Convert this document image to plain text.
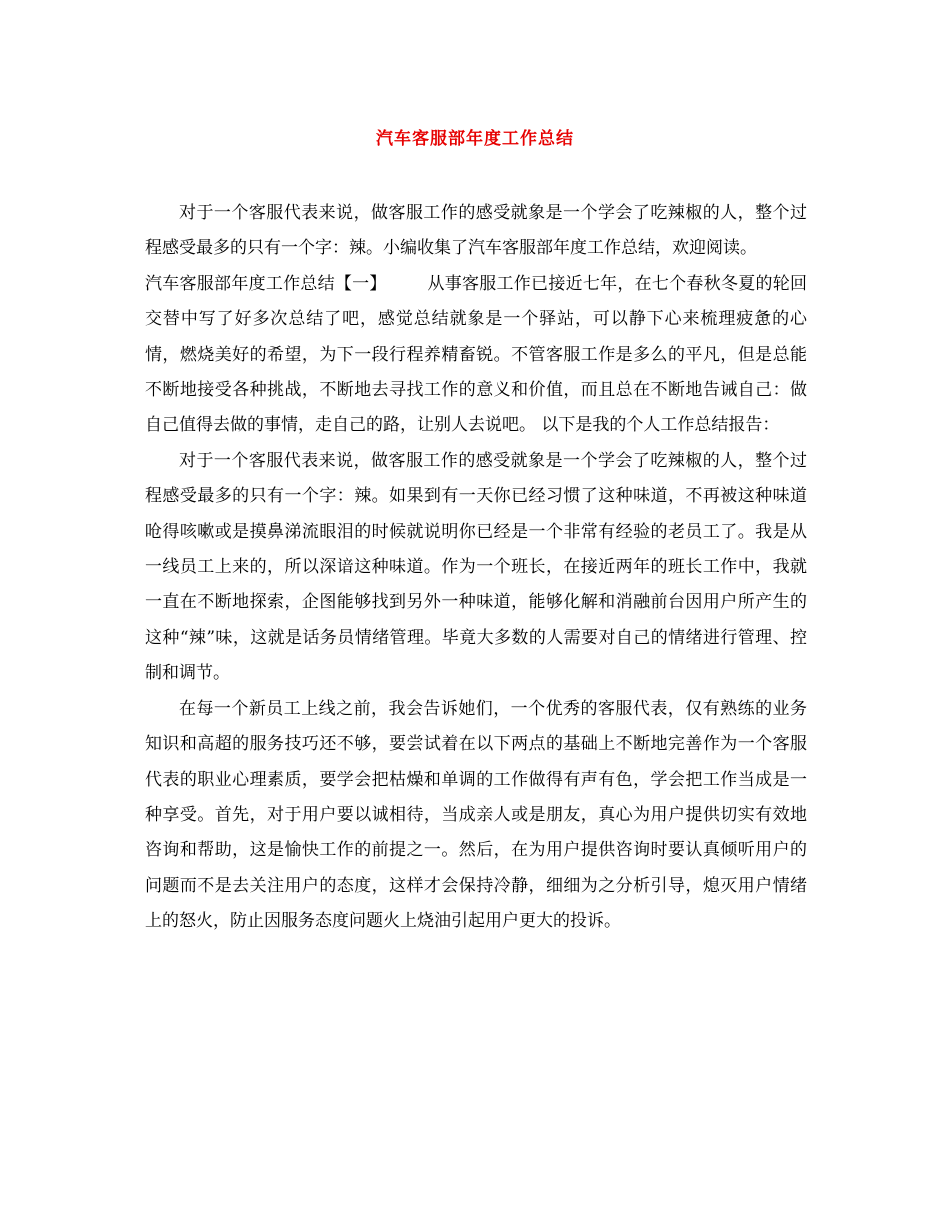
汽车客服部年度工作总结

对于一个客服代表来说，做客服工作的感受就象是一个学会了吃辣椒的人，整个过程感受最多的只有一个字：辣。小编收集了汽车客服部年度工作总结，欢迎阅读。

汽车客服部年度工作总结【一】 从事客服工作已接近七年，在七个春秋冬夏的轮回交替中写了好多次总结了吧，感觉总结就象是一个驿站，可以静下心来梳理疲惫的心情，燃烧美好的希望，为下一段行程养精畜锐。不管客服工作是多么的平凡，但是总能不断地接受各种挑战，不断地去寻找工作的意义和价值，而且总在不断地告诫自己：做自己值得去做的事情，走自己的路，让别人去说吧。 以下是我的个人工作总结报告：

对于一个客服代表来说，做客服工作的感受就象是一个学会了吃辣椒的人，整个过程感受最多的只有一个字：辣。如果到有一天你已经习惯了这种味道，不再被这种味道呛得咳嗽或是摸鼻涕流眼泪的时候就说明你已经是一个非常有经验的老员工了。我是从一线员工上来的，所以深谙这种味道。作为一个班长，在接近两年的班长工作中，我就一直在不断地探索，企图能够找到另外一种味道，能够化解和消融前台因用户所产生的这种“辣”味，这就是话务员情绪管理。毕竟大多数的人需要对自己的情绪进行管理、控制和调节。

在每一个新员工上线之前，我会告诉她们，一个优秀的客服代表，仅有熟练的业务知识和高超的服务技巧还不够，要尝试着在以下两点的基础上不断地完善作为一个客服代表的职业心理素质，要学会把枯燥和单调的工作做得有声有色，学会把工作当成是一种享受。首先，对于用户要以诚相待，当成亲人或是朋友，真心为用户提供切实有效地咨询和帮助，这是愉快工作的前提之一。然后，在为用户提供咨询时要认真倾听用户的问题而不是去关注用户的态度，这样才会保持冷静，细细为之分析引导，熄灭用户情绪上的怒火，防止因服务态度问题火上烧油引起用户更大的投诉。
